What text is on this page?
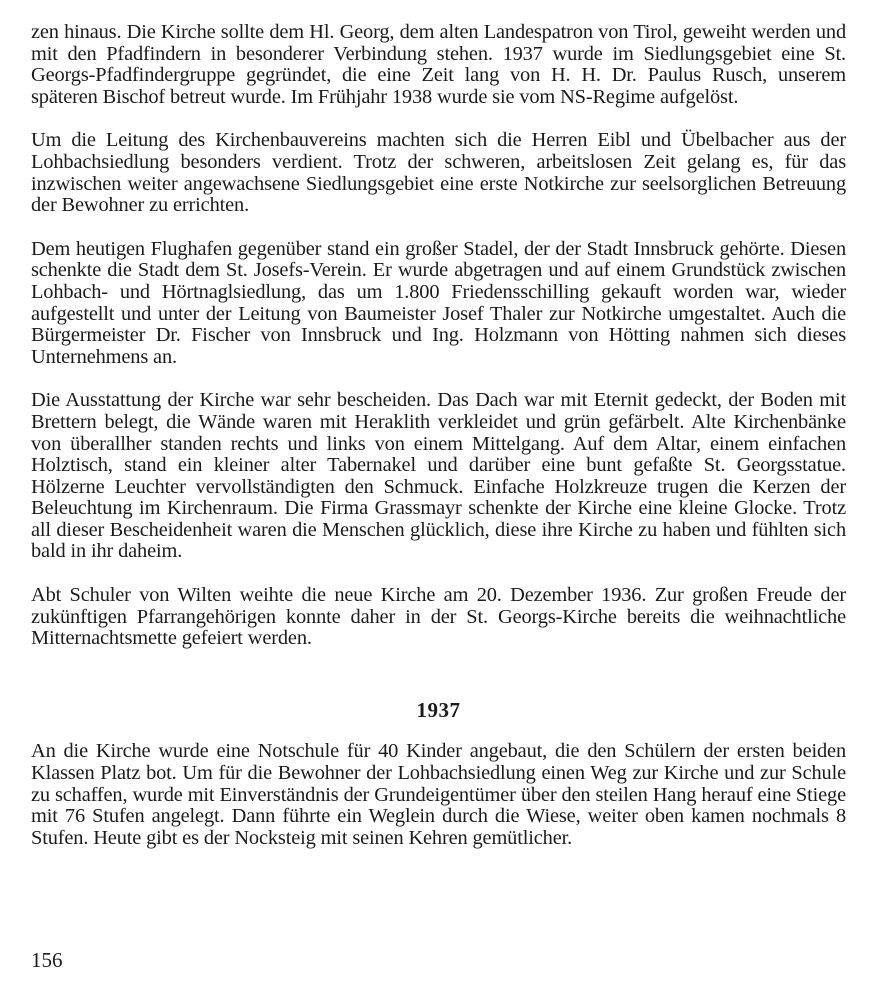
zen hinaus. Die Kirche sollte dem Hl. Georg, dem alten Landespatron von Tirol, geweiht werden und mit den Pfadfindern in besonderer Verbindung stehen. 1937 wurde im Siedlungsgebiet eine St. Georgs-Pfadfindergruppe gegründet, die eine Zeit lang von H. H. Dr. Paulus Rusch, unserem späteren Bischof betreut wurde. Im Frühjahr 1938 wurde sie vom NS-Regime aufgelöst.

Um die Leitung des Kirchenbauvereins machten sich die Herren Eibl und Übelbacher aus der Lohbachsiedlung besonders verdient. Trotz der schweren, arbeitslosen Zeit gelang es, für das inzwischen weiter angewachsene Siedlungsgebiet eine erste Notkirche zur seelsorglichen Betreuung der Bewohner zu errichten.

Dem heutigen Flughafen gegenüber stand ein großer Stadel, der der Stadt Innsbruck gehörte. Diesen schenkte die Stadt dem St. Josefs-Verein. Er wurde abgetragen und auf einem Grundstück zwischen Lohbach- und Hörtnaglsiedlung, das um 1.800 Friedensschilling gekauft worden war, wieder aufgestellt und unter der Leitung von Baumeister Josef Thaler zur Notkirche umgestaltet. Auch die Bürgermeister Dr. Fischer von Innsbruck und Ing. Holzmann von Hötting nahmen sich dieses Unternehmens an.

Die Ausstattung der Kirche war sehr bescheiden. Das Dach war mit Eternit gedeckt, der Boden mit Brettern belegt, die Wände waren mit Heraklith verkleidet und grün gefärbelt. Alte Kirchenbänke von überallher standen rechts und links von einem Mittelgang. Auf dem Altar, einem einfachen Holztisch, stand ein kleiner alter Tabernakel und darüber eine bunt gefaßte St. Georgsstatue. Hölzerne Leuchter vervollständigten den Schmuck. Einfache Holzkreuze trugen die Kerzen der Beleuchtung im Kirchenraum. Die Firma Grassmayr schenkte der Kirche eine kleine Glocke. Trotz all dieser Bescheidenheit waren die Menschen glücklich, diese ihre Kirche zu haben und fühlten sich bald in ihr daheim.

Abt Schuler von Wilten weihte die neue Kirche am 20. Dezember 1936. Zur großen Freude der zukünftigen Pfarrangehörigen konnte daher in der St. Georgs-Kirche bereits die weihnachtliche Mitternachtsmette gefeiert werden.

1937

An die Kirche wurde eine Notschule für 40 Kinder angebaut, die den Schülern der ersten beiden Klassen Platz bot. Um für die Bewohner der Lohbachsiedlung einen Weg zur Kirche und zur Schule zu schaffen, wurde mit Einverständnis der Grundeigentümer über den steilen Hang herauf eine Stiege mit 76 Stufen angelegt. Dann führte ein Weglein durch die Wiese, weiter oben kamen nochmals 8 Stufen. Heute gibt es der Nocksteig mit seinen Kehren gemütlicher.

156
